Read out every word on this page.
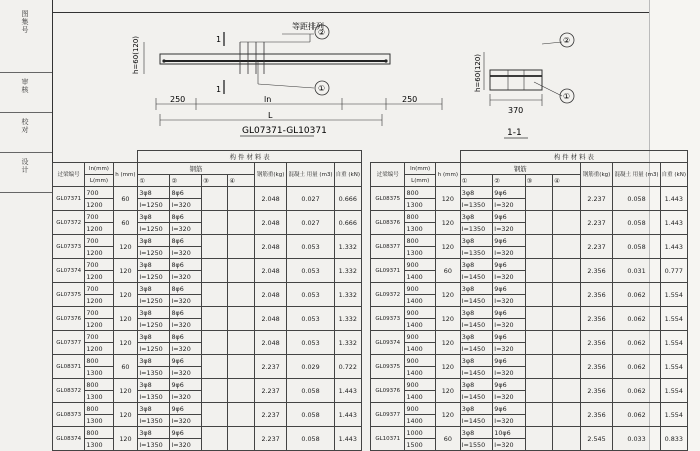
图集号
审核
校对
设计
等距排列
②
①
1
1
h=60(120)
250	ln	250
L
GL07371-GL10371
②
①
h=60(120)
370
1-1
			构 件 材 料 表						
过梁编号	ln(mm)	h (mm)	钢筋				钢筋重(kg)	混凝土 用量 (m3)	自重 (kN)
	L(mm)		①	②	③	④			
GL07371	700	60	3φ8	8φ6			2.048	0.027	0.666
	1200		l=1250	l=320					
GL07372	700	60	3φ8	8φ6			2.048	0.027	0.666
	1200		l=1250	l=320					
GL07373	700	120	3φ8	8φ6			2.048	0.053	1.332
	1200		l=1250	l=320					
GL07374	700	120	3φ8	8φ6			2.048	0.053	1.332
	1200		l=1250	l=320					
GL07375	700	120	3φ8	8φ6			2.048	0.053	1.332
	1200		l=1250	l=320					
GL07376	700	120	3φ8	8φ6			2.048	0.053	1.332
	1200		l=1250	l=320					
GL07377	700	120	3φ8	8φ6			2.048	0.053	1.332
	1200		l=1250	l=320					
GL08371	800	60	3φ8	9φ6			2.237	0.029	0.722
	1300		l=1350	l=320					
GL08372	800	120	3φ8	9φ6			2.237	0.058	1.443
	1300		l=1350	l=320					
GL08373	800	120	3φ8	9φ6			2.237	0.058	1.443
	1300		l=1350	l=320					
GL08374	800	120	3φ8	9φ6			2.237	0.058	1.443
	1300		l=1350	l=320					
			构 件 材 料 表						
过梁编号	ln(mm)	h (mm)	钢筋				钢筋重(kg)	混凝土 用量 (m3)	自重 (kN)
	L(mm)		①	②	③	④			
GL08375	800	120	3φ8	9φ6			2.237	0.058	1.443
	1300		l=1350	l=320					
GL08376	800	120	3φ8	9φ6			2.237	0.058	1.443
	1300		l=1350	l=320					
GL08377	800	120	3φ8	9φ6			2.237	0.058	1.443
	1300		l=1350	l=320					
GL09371	900	60	3φ8	9φ6			2.356	0.031	0.777
	1400		l=1450	l=320					
GL09372	900	120	3φ8	9φ6			2.356	0.062	1.554
	1400		l=1450	l=320					
GL09373	900	120	3φ8	9φ6			2.356	0.062	1.554
	1400		l=1450	l=320					
GL09374	900	120	3φ8	9φ6			2.356	0.062	1.554
	1400		l=1450	l=320					
GL09375	900	120	3φ8	9φ6			2.356	0.062	1.554
	1400		l=1450	l=320					
GL09376	900	120	3φ8	9φ6			2.356	0.062	1.554
	1400		l=1450	l=320					
GL09377	900	120	3φ8	9φ6			2.356	0.062	1.554
	1400		l=1450	l=320					
GL10371	1000	60	3φ8	10φ6			2.545	0.033	0.833
	1500		l=1550	l=320					
